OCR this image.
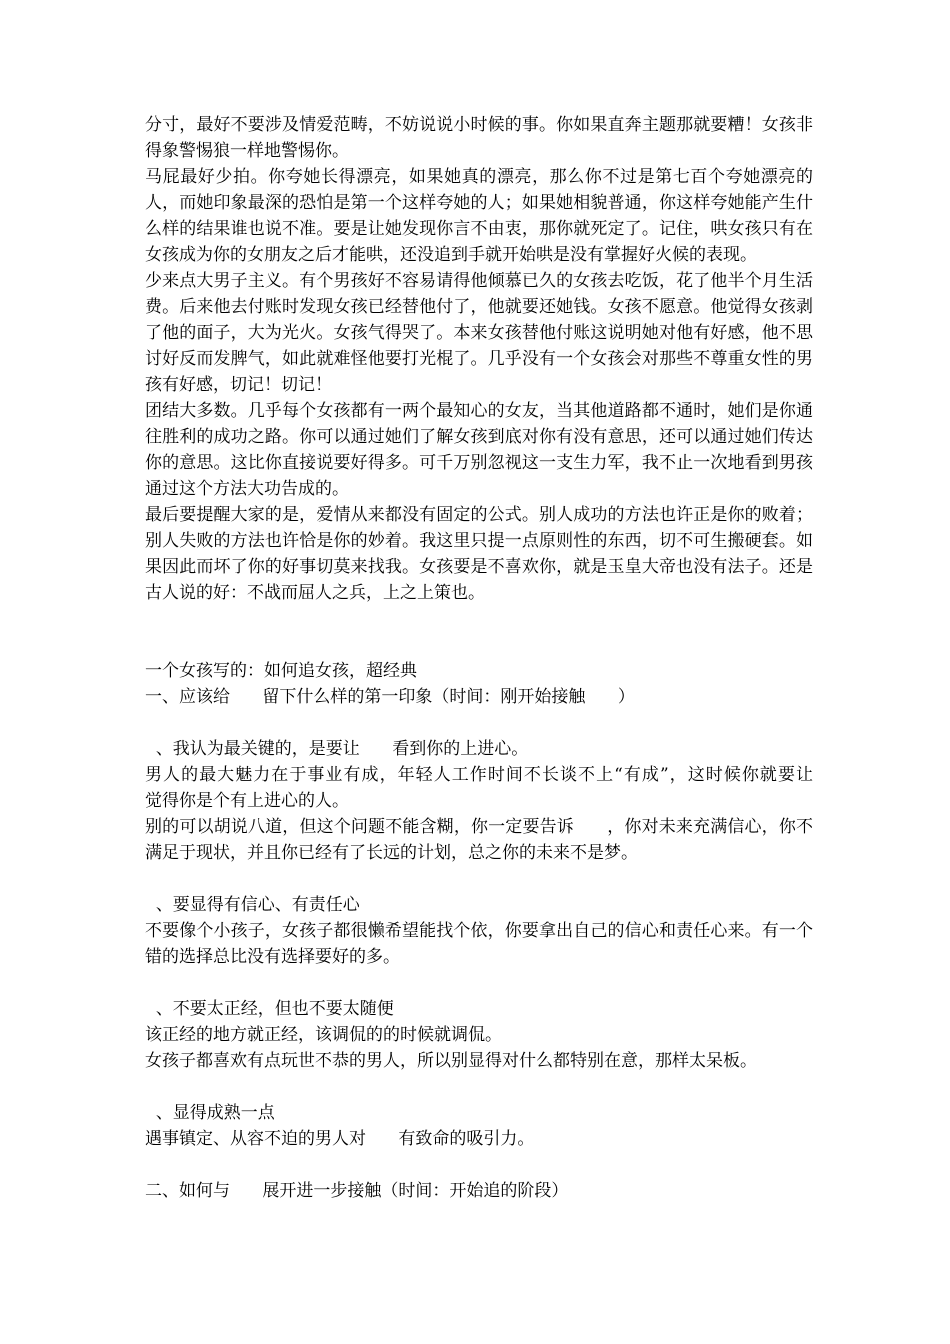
分寸，最好不要涉及情爱范畴，不妨说说小时候的事。你如果直奔主题那就要糟！女孩非得象警惕狼一样地警惕你。

马屁最好少拍。你夸她长得漂亮，如果她真的漂亮，那么你不过是第七百个夸她漂亮的人，而她印象最深的恐怕是第一个这样夸她的人；如果她相貌普通，你这样夸她能产生什么样的结果谁也说不准。要是让她发现你言不由衷，那你就死定了。记住，哄女孩只有在女孩成为你的女朋友之后才能哄，还没追到手就开始哄是没有掌握好火候的表现。

少来点大男子主义。有个男孩好不容易请得他倾慕已久的女孩去吃饭，花了他半个月生活费。后来他去付账时发现女孩已经替他付了，他就要还她钱。女孩不愿意。他觉得女孩剥了他的面子，大为光火。女孩气得哭了。本来女孩替他付账这说明她对他有好感，他不思讨好反而发脾气，如此就难怪他要打光棍了。几乎没有一个女孩会对那些不尊重女性的男孩有好感，切记！切记！

团结大多数。几乎每个女孩都有一两个最知心的女友，当其他道路都不通时，她们是你通往胜利的成功之路。你可以通过她们了解女孩到底对你有没有意思，还可以通过她们传达你的意思。这比你直接说要好得多。可千万别忽视这一支生力军，我不止一次地看到男孩通过这个方法大功告成的。

最后要提醒大家的是，爱情从来都没有固定的公式。别人成功的方法也许正是你的败着；别人失败的方法也许恰是你的妙着。我这里只提一点原则性的东西，切不可生搬硬套。如果因此而坏了你的好事切莫来找我。女孩要是不喜欢你，就是玉皇大帝也没有法子。还是古人说的好：不战而屈人之兵，上之上策也。

一个女孩写的：如何追女孩，超经典

一、应该给      留下什么样的第一印象（时间：刚开始接触      ）

、我认为最关键的，是要让      看到你的上进心。

男人的最大魅力在于事业有成，年轻人工作时间不长谈不上“有成”，这时候你就要让      觉得你是个有上进心的人。

别的可以胡说八道，但这个问题不能含糊，你一定要告诉      ，你对未来充满信心，你不满足于现状，并且你已经有了长远的计划，总之你的未来不是梦。

、要显得有信心、有责任心

不要像个小孩子，女孩子都很懒希望能找个依，你要拿出自己的信心和责任心来。有一个错的选择总比没有选择要好的多。

、不要太正经，但也不要太随便

该正经的地方就正经，该调侃的的时候就调侃。

女孩子都喜欢有点玩世不恭的男人，所以别显得对什么都特别在意，那样太呆板。

、显得成熟一点

遇事镇定、从容不迫的男人对      有致命的吸引力。

二、如何与      展开进一步接触（时间：开始追的阶段）
